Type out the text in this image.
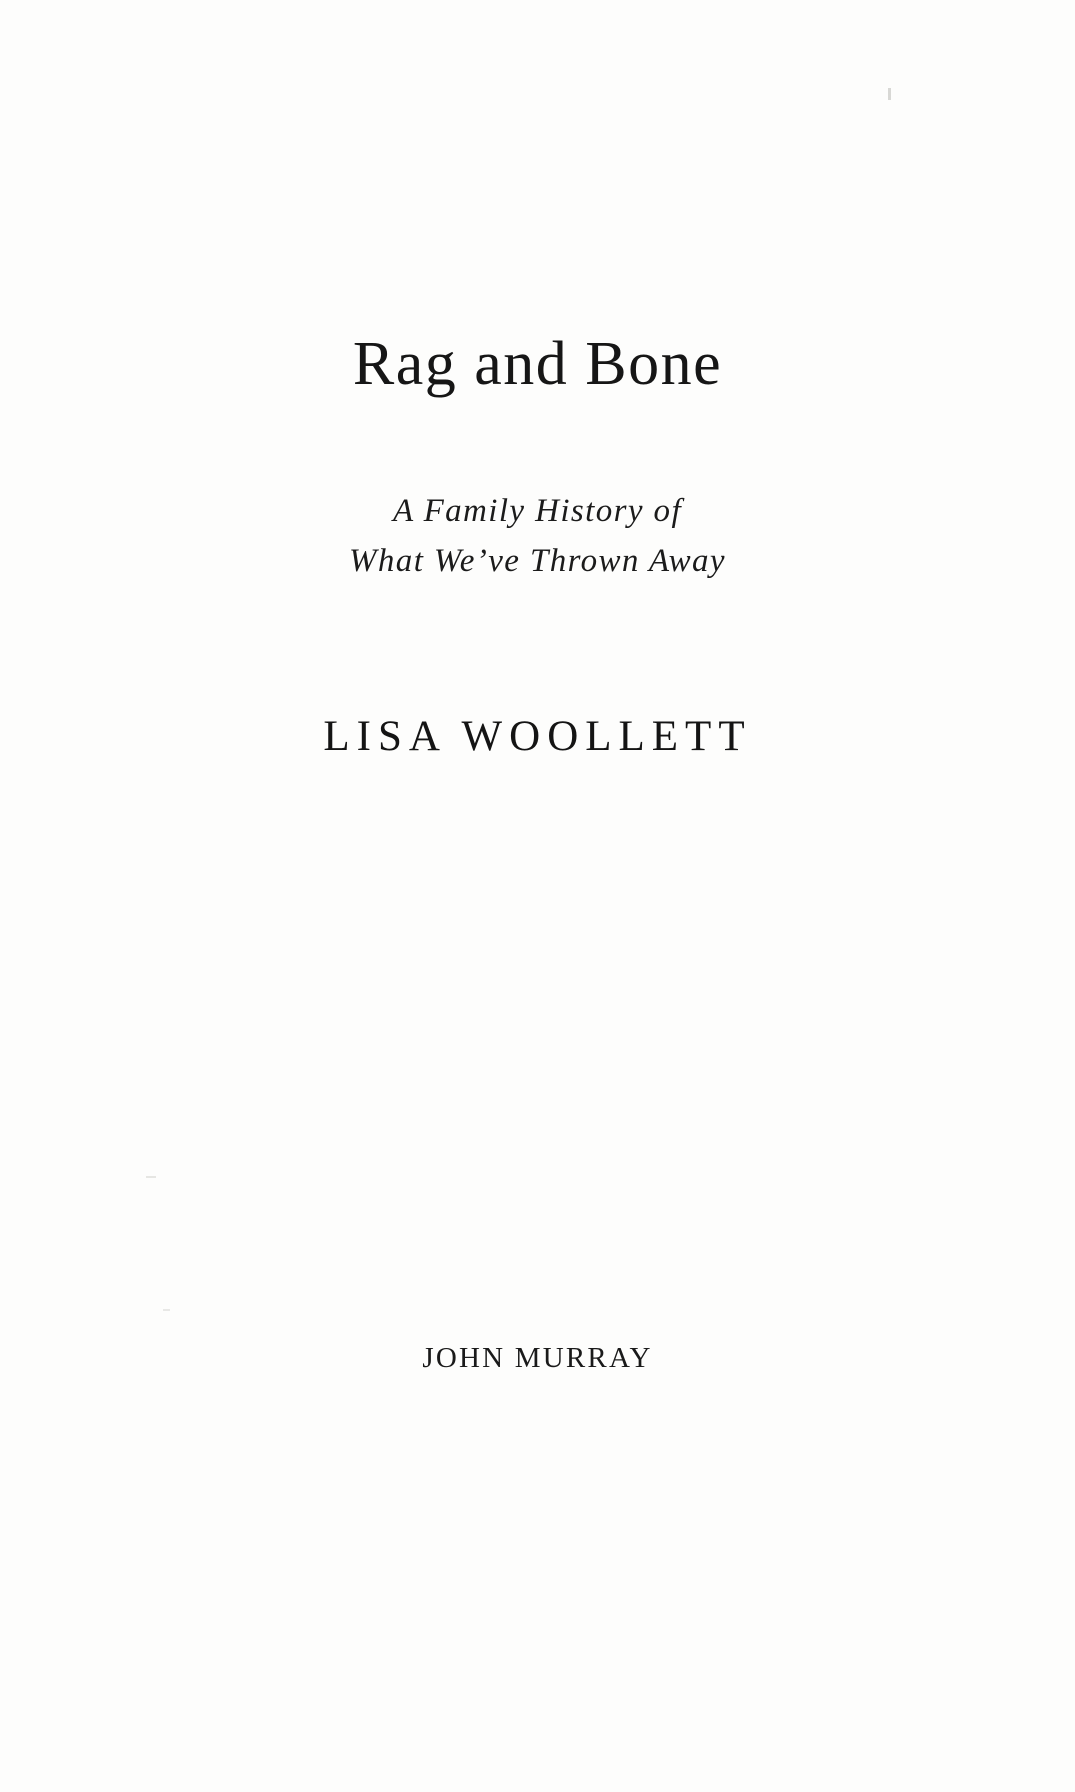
Rag and Bone
A Family History of
What We’ve Thrown Away
LISA WOOLLETT
JOHN MURRAY
